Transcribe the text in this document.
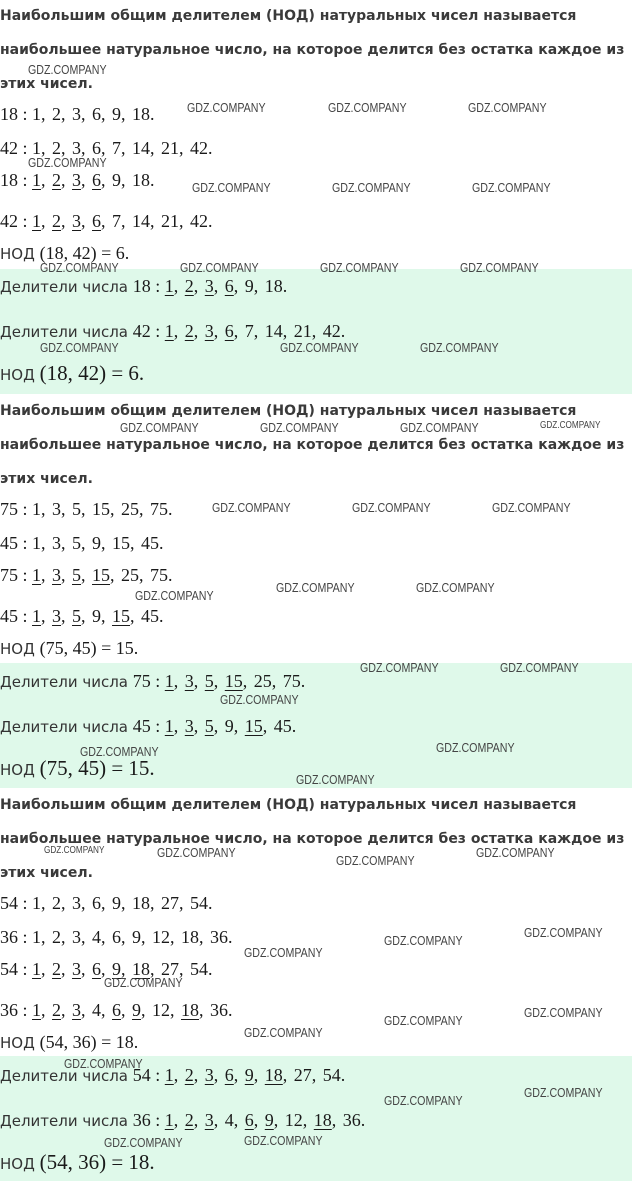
Наибольшим общим делителем (НОД) натуральных чисел называется
наибольшее натуральное число, на которое делится без остатка каждое из
этих чисел.
18 : 1, 2, 3, 6, 9, 18.
42 : 1, 2, 3, 6, 7, 14, 21, 42.
18 : 1, 2, 3, 6, 9, 18.
42 : 1, 2, 3, 6, 7, 14, 21, 42.
НОД (18, 42) = 6.
Делители числа 18 : 1, 2, 3, 6, 9, 18.
Делители числа 42 : 1, 2, 3, 6, 7, 14, 21, 42.
НОД (18, 42) = 6.
Наибольшим общим делителем (НОД) натуральных чисел называется
наибольшее натуральное число, на которое делится без остатка каждое из
этих чисел.
75 : 1, 3, 5, 15, 25, 75.
45 : 1, 3, 5, 9, 15, 45.
75 : 1, 3, 5, 15, 25, 75.
45 : 1, 3, 5, 9, 15, 45.
НОД (75, 45) = 15.
Делители числа 75 : 1, 3, 5, 15, 25, 75.
Делители числа 45 : 1, 3, 5, 9, 15, 45.
НОД (75, 45) = 15.
Наибольшим общим делителем (НОД) натуральных чисел называется
наибольшее натуральное число, на которое делится без остатка каждое из
этих чисел.
54 : 1, 2, 3, 6, 9, 18, 27, 54.
36 : 1, 2, 3, 4, 6, 9, 12, 18, 36.
54 : 1, 2, 3, 6, 9, 18, 27, 54.
36 : 1, 2, 3, 4, 6, 9, 12, 18, 36.
НОД (54, 36) = 18.
Делители числа 54 : 1, 2, 3, 6, 9, 18, 27, 54.
Делители числа 36 : 1, 2, 3, 4, 6, 9, 12, 18, 36.
НОД (54, 36) = 18.
GDZ.COMPANY
GDZ.COMPANY	GDZ.COMPANY	GDZ.COMPANY
GDZ.COMPANY
GDZ.COMPANY	GDZ.COMPANY	GDZ.COMPANY
GDZ.COMPANY	GDZ.COMPANY	GDZ.COMPANY	GDZ.COMPANY
GDZ.COMPANY	GDZ.COMPANY	GDZ.COMPANY
GDZ.COMPANY	GDZ.COMPANY	GDZ.COMPANY	GDZ.COMPANY
GDZ.COMPANY	GDZ.COMPANY	GDZ.COMPANY
GDZ.COMPANY
GDZ.COMPANY	GDZ.COMPANY
GDZ.COMPANY	GDZ.COMPANY
GDZ.COMPANY
GDZ.COMPANY	GDZ.COMPANY
GDZ.COMPANY
GDZ.COMPANY	GDZ.COMPANY
GDZ.COMPANY
GDZ.COMPANY
GDZ.COMPANY
GDZ.COMPANY
GDZ.COMPANY
GDZ.COMPANY
GDZ.COMPANY
GDZ.COMPANY
GDZ.COMPANY
GDZ.COMPANY
GDZ.COMPANY
GDZ.COMPANY
GDZ.COMPANY	GDZ.COMPANY
